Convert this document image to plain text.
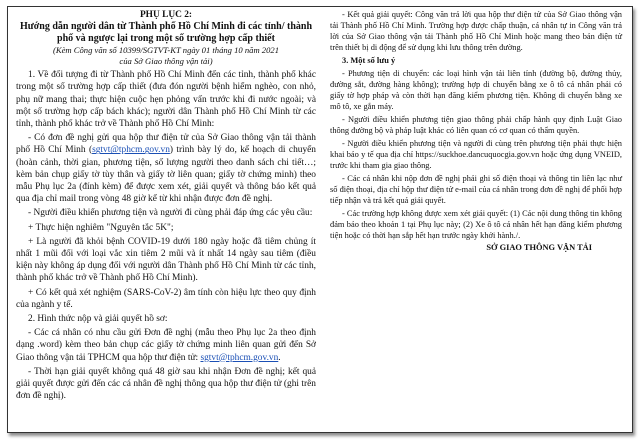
PHỤ LỤC 2:

Hướng dẫn người dân từ Thành phố Hồ Chí Minh đi các tỉnh/ thành phố và ngược lại trong một số trường hợp cấp thiết

(Kèm Công văn số 10399/SGTVT-KT ngày 01 tháng 10 năm 2021

của Sở Giao thông vận tải)

1. Về đối tượng đi từ Thành phố Hồ Chí Minh đến các tỉnh, thành phố khác trong một số trường hợp cấp thiết (đưa đón người bệnh hiểm nghèo, con nhỏ, phụ nữ mang thai; thực hiện cuộc hẹn phỏng vấn trước khi đi nước ngoài; và một số trường hợp cấp bách khác); người dân Thành phố Hồ Chí Minh từ các tỉnh, thành phố khác trở về Thành phố Hồ Chí Minh:

- Có đơn đề nghị gửi qua hộp thư điện tử của Sở Giao thông vận tải thành phố Hồ Chí Minh (sgtvt@tphcm.gov.vn) trình bày lý do, kế hoạch di chuyển (hoàn cảnh, thời gian, phương tiện, số lượng người theo danh sách chi tiết…; kèm bản chụp giấy tờ tùy thân và giấy tờ liên quan; giấy tờ chứng minh) theo mẫu Phụ lục 2a (đính kèm) để được xem xét, giải quyết và thông báo kết quả qua địa chỉ mail trong vòng 48 giờ kể từ khi nhận được đơn đề nghị.

- Người điều khiển phương tiện và người đi cùng phải đáp ứng các yêu cầu:

+ Thực hiện nghiêm "Nguyên tắc 5K";

+ Là người đã khỏi bệnh COVID-19 dưới 180 ngày hoặc đã tiêm chủng ít nhất 1 mũi đối với loại vắc xin tiêm 2 mũi và ít nhất 14 ngày sau tiêm (điều kiện này không áp dụng đối với người dân Thành phố Hồ Chí Minh từ các tỉnh, thành phố khác trở về Thành phố Hồ Chí Minh).

+ Có kết quả xét nghiệm (SARS-CoV-2) âm tính còn hiệu lực theo quy định của ngành y tế.

2. Hình thức nộp và giải quyết hồ sơ:

- Các cá nhân có nhu cầu gửi Đơn đề nghị (mẫu theo Phụ lục 2a theo định dạng .word) kèm theo bản chụp các giấy tờ chứng minh liên quan gửi đến Sở Giao thông vận tải TPHCM qua hộp thư điện tử: sgtvt@tphcm.gov.vn.

- Thời hạn giải quyết không quá 48 giờ sau khi nhận Đơn đề nghị; kết quả giải quyết được gửi đến các cá nhân đề nghị thông qua hộp thư điện tử (ghi trên đơn đề nghị).

- Kết quả giải quyết: Công văn trả lời qua hộp thư điện tử của Sở Giao thông vận tải Thành phố Hồ Chí Minh. Trường hợp được chấp thuận, cá nhân tự in Công văn trả lời của Sở Giao thông vận tải Thành phố Hồ Chí Minh hoặc mang theo bản điện tử trên thiết bị di động để sử dụng khi lưu thông trên đường.

3. Một số lưu ý

- Phương tiện di chuyển: các loại hình vận tải liên tỉnh (đường bộ, đường thủy, đường sắt, đường hàng không); trường hợp di chuyển bằng xe ô tô cá nhân phải có giấy tờ hợp pháp và còn thời hạn đăng kiểm phương tiện. Không di chuyển bằng xe mô tô, xe gắn máy.

- Người điều khiển phương tiện giao thông phải chấp hành quy định Luật Giao thông đường bộ và pháp luật khác có liên quan có cơ quan có thẩm quyền.

- Người điều khiển phương tiện và người đi cùng trên phương tiện phải thực hiện khai báo y tế qua địa chỉ https://suckhoe.dancuquocgia.gov.vn hoặc ứng dụng VNEID, trước khi tham gia giao thông.

- Các cá nhân khi nộp đơn đề nghị phải ghi số điện thoại và thông tin liên lạc như số điện thoại, địa chỉ hộp thư điện tử e-mail của cá nhân trong đơn đề nghị để phối hợp tiếp nhận và trả kết quả giải quyết.

- Các trường hợp không được xem xét giải quyết: (1) Các nội dung thông tin không đảm bảo theo khoản 1 tại Phụ lục này; (2) Xe ô tô cá nhân hết hạn đăng kiểm phương tiện hoặc có thời hạn sắp hết hạn trước ngày khởi hành./.

SỞ GIAO THÔNG VẬN TẢI
